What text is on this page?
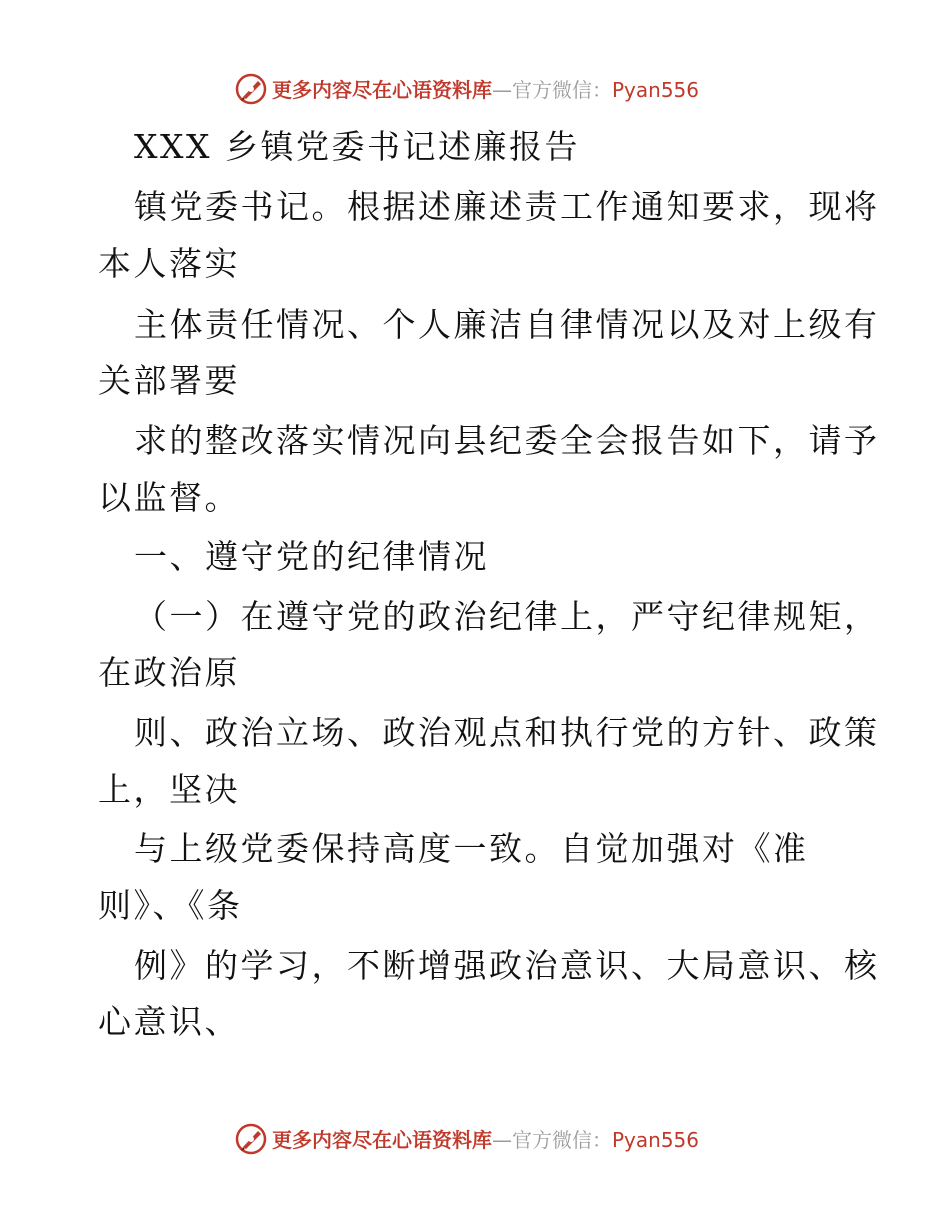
更多内容尽在心语资料库—官方微信：Pyan556
XXX 乡镇党委书记述廉报告
镇党委书记。根据述廉述责工作通知要求，现将
本人落实
主体责任情况、个人廉洁自律情况以及对上级有
关部署要
求的整改落实情况向县纪委全会报告如下，请予
以监督。
一、遵守党的纪律情况
（一）在遵守党的政治纪律上，严守纪律规矩，
在政治原
则、政治立场、政治观点和执行党的方针、政策
上，坚决
与上级党委保持高度一致。自觉加强对《准
则》、《条
例》的学习，不断增强政治意识、大局意识、核
心意识、
更多内容尽在心语资料库—官方微信：Pyan556
